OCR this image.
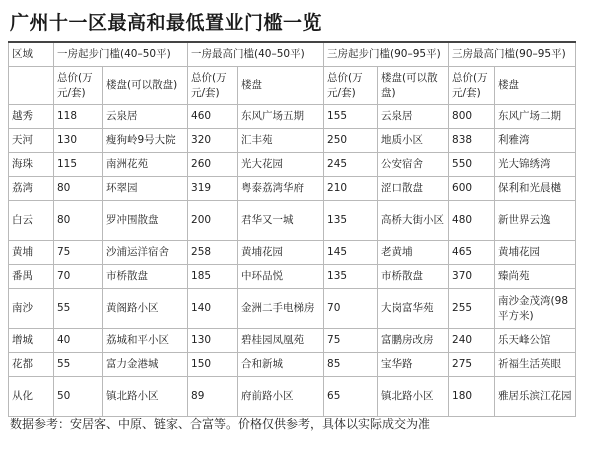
广州十一区最高和最低置业门槛一览
区域	一房起步门槛(40–50平)		一房最高门槛(40–50平)		三房起步门槛(90–95平)		三房最高门槛(90–95平)	
	总价(万元/套)	楼盘(可以散盘)	总价(万元/套)	楼盘	总价(万元/套)	楼盘(可以散盘)	总价(万元/套)	楼盘
越秀	118	云泉居	460	东风广场五期	155	云泉居	800	东风广场二期
天河	130	瘦狗岭9号大院	320	汇丰苑	250	地质小区	838	利雅湾
海珠	115	南洲花苑	260	光大花园	245	公安宿舍	550	光大锦绣湾
荔湾	80	环翠园	319	粤泰荔湾华府	210	涩口散盘	600	保利和光晨樾
白云	80	罗冲围散盘	200	君华又一城	135	高桥大街小区	480	新世界云逸
黄埔	75	沙浦运洋宿舍	258	黄埔花园	145	老黄埔	465	黄埔花园
番禺	70	市桥散盘	185	中环品悦	135	市桥散盘	370	臻尚苑
南沙	55	黄阁路小区	140	金洲二手电梯房	70	大岗富华苑	255	南沙金茂湾(98平方米)
增城	40	荔城和平小区	130	碧桂园凤凰苑	75	富鹏房改房	240	乐天峰公馆
花都	55	富力金港城	150	合和新城	85	宝华路	275	祈福生活英眼
从化	50	镇北路小区	89	府前路小区	65	镇北路小区	180	雅居乐滨江花园
数据参考：安居客、中原、链家、合富等。价格仅供参考，具体以实际成交为准
